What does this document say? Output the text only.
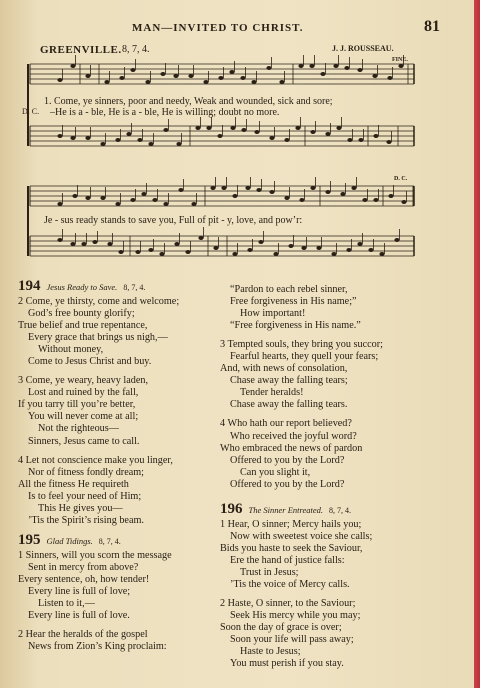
MAN—INVITED TO CHRIST.	81
GREENVILLE. 8, 7, 4.	J. J. ROUSSEAU.
FINE.
D. C.
1. Come, ye sinners, poor and needy, Weak and wounded, sick and sore;
D. C. –He is a - ble, He is a - ble, He is willing; doubt no more.
Je - sus ready stands to save you, Full of pit - y, love, and pow’r:
194 Jesus Ready to Save. 8, 7, 4.
2 Come, ye thirsty, come and welcome;
God’s free bounty glorify;
True belief and true repentance,
Every grace that brings us nigh,—
Without money,
Come to Jesus Christ and buy.
3 Come, ye weary, heavy laden,
Lost and ruined by the fall,
If you tarry till you’re better,
You will never come at all;
Not the righteous—
Sinners, Jesus came to call.
4 Let not conscience make you linger,
Nor of fitness fondly dream;
All the fitness He requireth
Is to feel your need of Him;
This He gives you—
’Tis the Spirit’s rising beam.
195 Glad Tidings. 8, 7, 4.
1 Sinners, will you scorn the message
Sent in mercy from above?
Every sentence, oh, how tender!
Every line is full of love;
Listen to it,—
Every line is full of love.
2 Hear the heralds of the gospel
News from Zion’s King proclaim:
“Pardon to each rebel sinner,
Free forgiveness in His name;”
How important!
“Free forgiveness in His name.”
3 Tempted souls, they bring you succor;
Fearful hearts, they quell your fears;
And, with news of consolation,
Chase away the falling tears;
Tender heralds!
Chase away the falling tears.
4 Who hath our report believed?
Who received the joyful word?
Who embraced the news of pardon
Offered to you by the Lord?
Can you slight it,
Offered to you by the Lord?
196 The Sinner Entreated. 8, 7, 4.
1 Hear, O sinner; Mercy hails you;
Now with sweetest voice she calls;
Bids you haste to seek the Saviour,
Ere the hand of justice falls:
Trust in Jesus;
’Tis the voice of Mercy calls.
2 Haste, O sinner, to the Saviour;
Seek His mercy while you may;
Soon the day of grace is over;
Soon your life will pass away;
Haste to Jesus;
You must perish if you stay.
